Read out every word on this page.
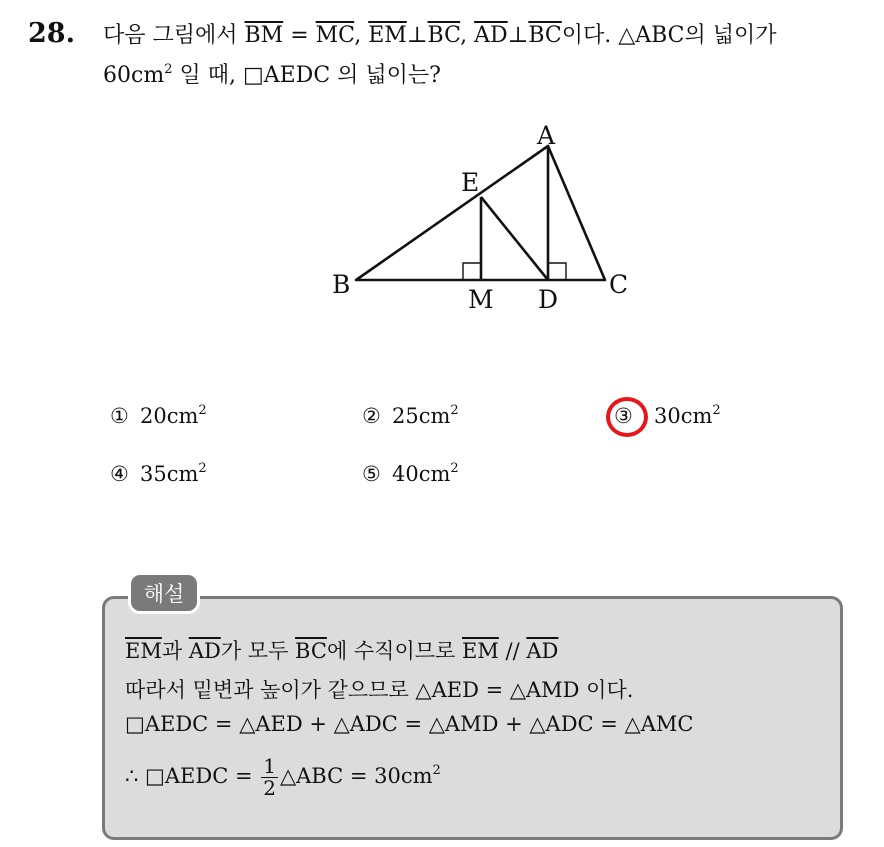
28. 다음 그림에서 $\overline{BM} = \overline{MC}$, $\overline{EM}\perp\overline{BC}$, $\overline{AD}\perp\overline{BC}$이다. △ABC의 넓이가
$60cm^2$ 일 때, □AEDC 의 넓이는?
A
B	C
D
E
M
① $20cm^2$	② $25cm^2$	③ $30cm^2$
④ $35cm^2$	⑤ $40cm^2$
해설
$\overline{EM}$과 $\overline{AD}$가 모두 $\overline{BC}$에 수직이므로 $\overline{EM} // \overline{AD}$
따라서 밑변과 높이가 같으므로 △AED = △AMD 이다.
□AEDC = △AED + △ADC = △AMD + △ADC = △AMC
∴ □AEDC = $\frac{1}{2}$ △ABC = $30cm^2$
